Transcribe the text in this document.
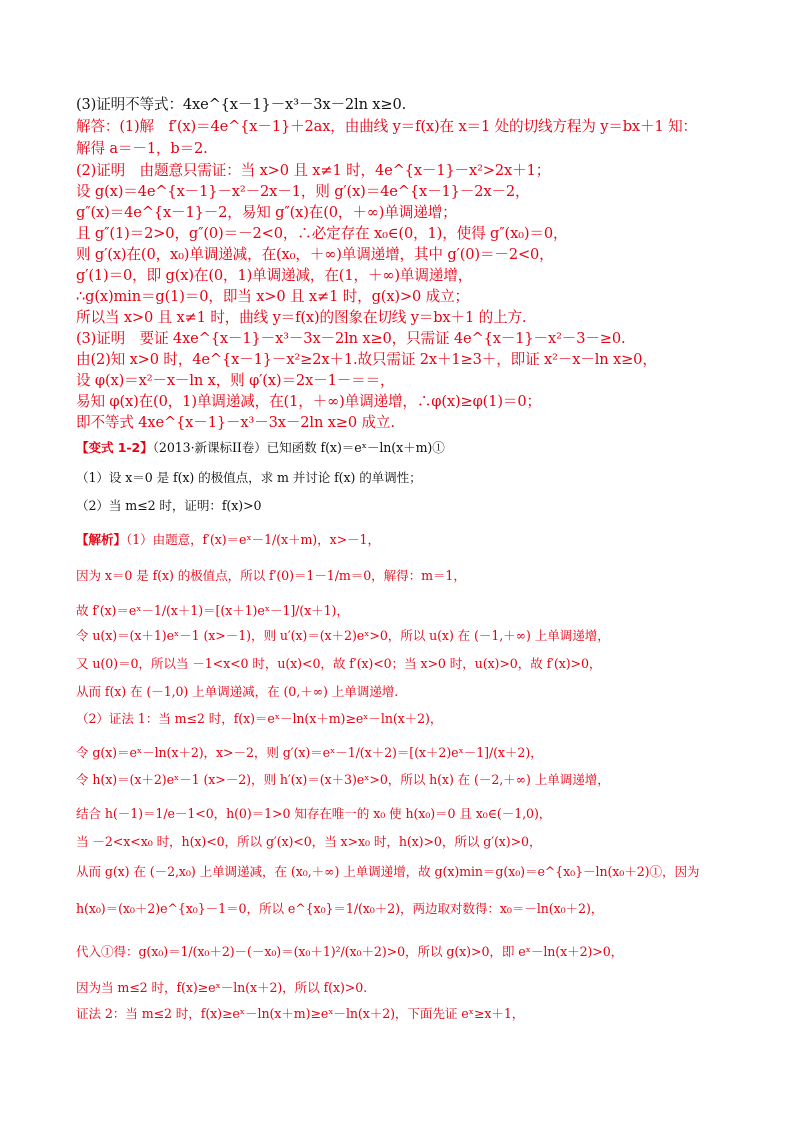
(3)证明不等式：4xe^{x－1}－x³－3x－2ln x≥0.
解答：(1)解　f′(x)＝4e^{x－1}＋2ax，由曲线 y＝f(x)在 x＝1 处的切线方程为 y＝bx＋1 知：
解得 a＝－1，b＝2.
(2)证明　由题意只需证：当 x>0 且 x≠1 时，4e^{x－1}－x²>2x＋1；
设 g(x)＝4e^{x－1}－x²－2x－1，则 g′(x)＝4e^{x－1}－2x－2，
g″(x)＝4e^{x－1}－2，易知 g″(x)在(0，＋∞)单调递增；
且 g″(1)＝2>0，g″(0)＝－2<0，∴必定存在 x₀∈(0，1)，使得 g″(x₀)＝0，
则 g′(x)在(0，x₀)单调递减，在(x₀，＋∞)单调递增，其中 g′(0)＝－2<0，
g′(1)＝0，即 g(x)在(0，1)单调递减，在(1，＋∞)单调递增，
∴g(x)min＝g(1)＝0，即当 x>0 且 x≠1 时，g(x)>0 成立；
所以当 x>0 且 x≠1 时，曲线 y＝f(x)的图象在切线 y＝bx＋1 的上方.
(3)证明　要证 4xe^{x－1}－x³－3x－2ln x≥0，只需证 4e^{x－1}－x²－3－≥0.
由(2)知 x>0 时，4e^{x－1}－x²≥2x＋1.故只需证 2x＋1≥3＋，即证 x²－x－ln x≥0，
设 φ(x)＝x²－x－ln x，则 φ′(x)＝2x－1－＝＝，
易知 φ(x)在(0，1)单调递减，在(1，＋∞)单调递增，∴φ(x)≥φ(1)＝0；
即不等式 4xe^{x－1}－x³－3x－2ln x≥0 成立.
【变式 1-2】（2013·新课标II卷）已知函数 f(x)＝eˣ－ln(x＋m)①
（1）设 x＝0 是 f(x) 的极值点，求 m 并讨论 f(x) 的单调性；
（2）当 m≤2 时，证明：f(x)>0
【解析】（1）由题意，f′(x)＝eˣ－1/(x＋m)，x>－1，
因为 x＝0 是 f(x) 的极值点，所以 f′(0)＝1－1/m＝0，解得：m＝1，
故 f′(x)＝eˣ－1/(x＋1)＝[(x＋1)eˣ－1]/(x＋1)，
令 u(x)＝(x＋1)eˣ－1 (x>－1)，则 u′(x)＝(x＋2)eˣ>0，所以 u(x) 在 (－1,＋∞) 上单调递增，
又 u(0)＝0，所以当 －1<x<0 时，u(x)<0，故 f′(x)<0；当 x>0 时，u(x)>0，故 f′(x)>0，
从而 f(x) 在 (－1,0) 上单调递减，在 (0,＋∞) 上单调递增.
（2）证法 1：当 m≤2 时，f(x)＝eˣ－ln(x＋m)≥eˣ－ln(x＋2)，
令 g(x)＝eˣ－ln(x＋2)，x>－2，则 g′(x)＝eˣ－1/(x＋2)＝[(x＋2)eˣ－1]/(x＋2)，
令 h(x)＝(x＋2)eˣ－1 (x>－2)，则 h′(x)＝(x＋3)eˣ>0，所以 h(x) 在 (－2,＋∞) 上单调递增，
结合 h(－1)＝1/e－1<0，h(0)＝1>0 知存在唯一的 x₀ 使 h(x₀)＝0 且 x₀∈(－1,0)，
当 －2<x<x₀ 时，h(x)<0，所以 g′(x)<0，当 x>x₀ 时，h(x)>0，所以 g′(x)>0，
从而 g(x) 在 (－2,x₀) 上单调递减，在 (x₀,＋∞) 上单调递增，故 g(x)min＝g(x₀)＝e^{x₀}－ln(x₀＋2)①，因为
h(x₀)＝(x₀＋2)e^{x₀}－1＝0，所以 e^{x₀}＝1/(x₀＋2)，两边取对数得：x₀＝－ln(x₀＋2)，
代入①得：g(x₀)＝1/(x₀＋2)－(－x₀)＝(x₀＋1)²/(x₀＋2)>0，所以 g(x)>0，即 eˣ－ln(x＋2)>0，
因为当 m≤2 时，f(x)≥eˣ－ln(x＋2)，所以 f(x)>0.
证法 2：当 m≤2 时，f(x)≥eˣ－ln(x＋m)≥eˣ－ln(x＋2)，下面先证 eˣ≥x＋1，
